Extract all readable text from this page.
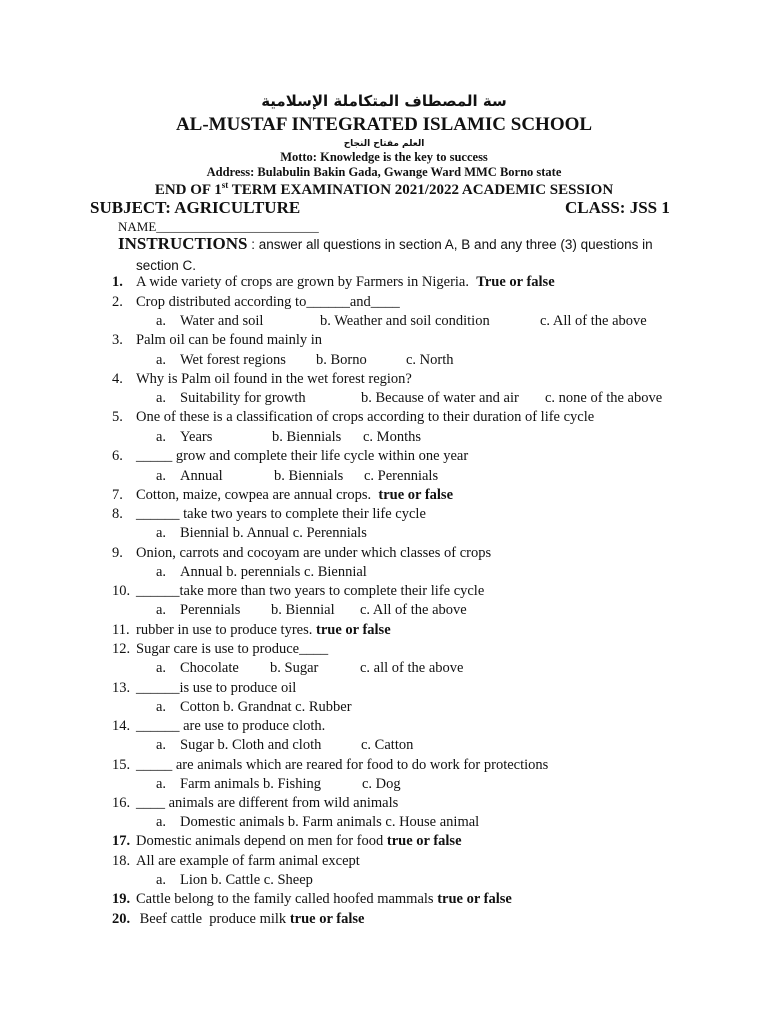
سة المصطاف المتكاملة الإسلامية
AL-MUSTAF INTEGRATED ISLAMIC SCHOOL
العلم مفتاح النجاح
Motto: Knowledge is the key to success
Address: Bulabulin Bakin Gada, Gwange Ward MMC Borno state
END OF 1st TERM EXAMINATION 2021/2022 ACADEMIC SESSION
SUBJECT: AGRICULTURE	CLASS: JSS 1
NAME_________________________
INSTRUCTIONS : answer all questions in section A, B and any three (3) questions in
section C.
1. A wide variety of crops are grown by Farmers in Nigeria.  True or false
2. Crop distributed according to______and____
a. Water and soil	b. Weather and soil condition	c. All of the above
3. Palm oil can be found mainly in
a. Wet forest regions b. Borno	c. North
4. Why is Palm oil found in the wet forest region?
a. Suitability for growth	b. Because of water and air c. none of the above
5. One of these is a classification of crops according to their duration of life cycle
a. Years	b. Biennials c. Months
6. _____ grow and complete their life cycle within one year
a. Annual	b. Biennials c. Perennials
7. Cotton, maize, cowpea are annual crops.  true or false
8. ______ take two years to complete their life cycle
a. Biennial b. Annual c. Perennials
9. Onion, carrots and cocoyam are under which classes of crops
a. Annual b. perennials c. Biennial
10. ______take more than two years to complete their life cycle
a. Perennials b. Biennial c. All of the above
11. rubber in use to produce tyres. true or false
12. Sugar care is use to produce____
a. Chocolate b. Sugar	c. all of the above
13. ______is use to produce oil
a. Cotton b. Grandnat c. Rubber
14. ______ are use to produce cloth.
a. Sugar b. Cloth and cloth	c. Catton
15. _____ are animals which are reared for food to do work for protections
a. Farm animals b. Fishing	c. Dog
16. ____ animals are different from wild animals
a. Domestic animals b. Farm animals c. House animal
17. Domestic animals depend on men for food true or false
18. All are example of farm animal except
a. Lion b. Cattle c. Sheep
19. Cattle belong to the family called hoofed mammals true or false
20. Beef cattle  produce milk true or false
